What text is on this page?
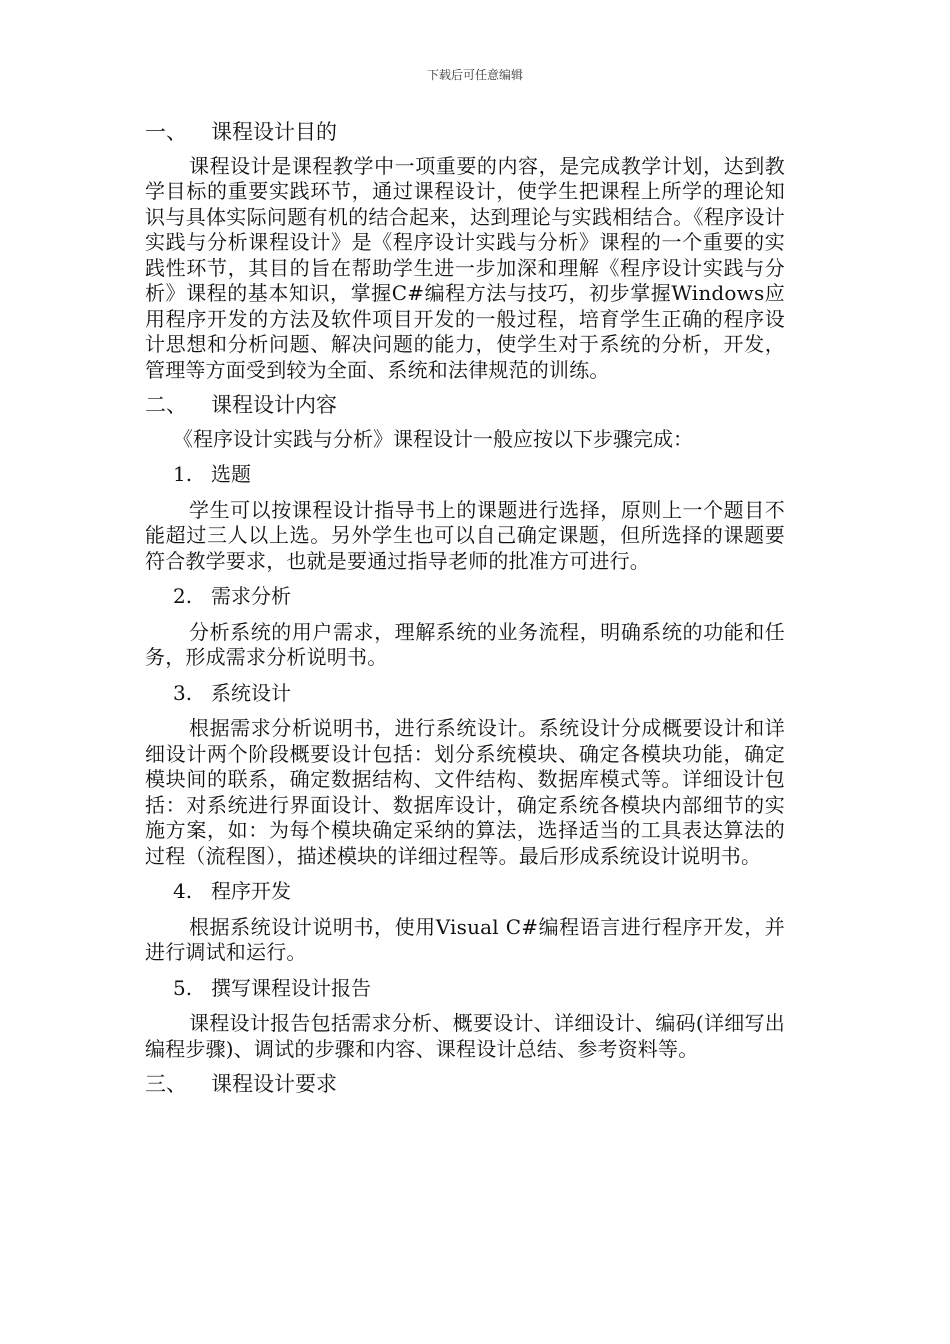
下载后可任意编辑
一、	课程设计目的

课程设计是课程教学中一项重要的内容，是完成教学计划，达到教学目标的重要实践环节，通过课程设计，使学生把课程上所学的理论知识与具体实际问题有机的结合起来，达到理论与实践相结合。《程序设计实践与分析课程设计》是《程序设计实践与分析》课程的一个重要的实践性环节，其目的旨在帮助学生进一步加深和理解《程序设计实践与分析》课程的基本知识，掌握C#编程方法与技巧，初步掌握Windows应用程序开发的方法及软件项目开发的一般过程，培育学生正确的程序设计思想和分析问题、解决问题的能力，使学生对于系统的分析，开发，管理等方面受到较为全面、系统和法律规范的训练。

二、	课程设计内容

《程序设计实践与分析》课程设计一般应按以下步骤完成：

1. 选题

学生可以按课程设计指导书上的课题进行选择，原则上一个题目不能超过三人以上选。另外学生也可以自己确定课题，但所选择的课题要符合教学要求，也就是要通过指导老师的批准方可进行。

2. 需求分析

分析系统的用户需求，理解系统的业务流程，明确系统的功能和任务，形成需求分析说明书。

3. 系统设计

根据需求分析说明书，进行系统设计。系统设计分成概要设计和详细设计两个阶段概要设计包括：划分系统模块、确定各模块功能，确定模块间的联系，确定数据结构、文件结构、数据库模式等。详细设计包括：对系统进行界面设计、数据库设计，确定系统各模块内部细节的实施方案，如：为每个模块确定采纳的算法，选择适当的工具表达算法的过程（流程图），描述模块的详细过程等。最后形成系统设计说明书。

4. 程序开发

根据系统设计说明书，使用Visual C#编程语言进行程序开发，并进行调试和运行。

5. 撰写课程设计报告

课程设计报告包括需求分析、概要设计、详细设计、编码(详细写出编程步骤)、调试的步骤和内容、课程设计总结、参考资料等。

三、	课程设计要求
